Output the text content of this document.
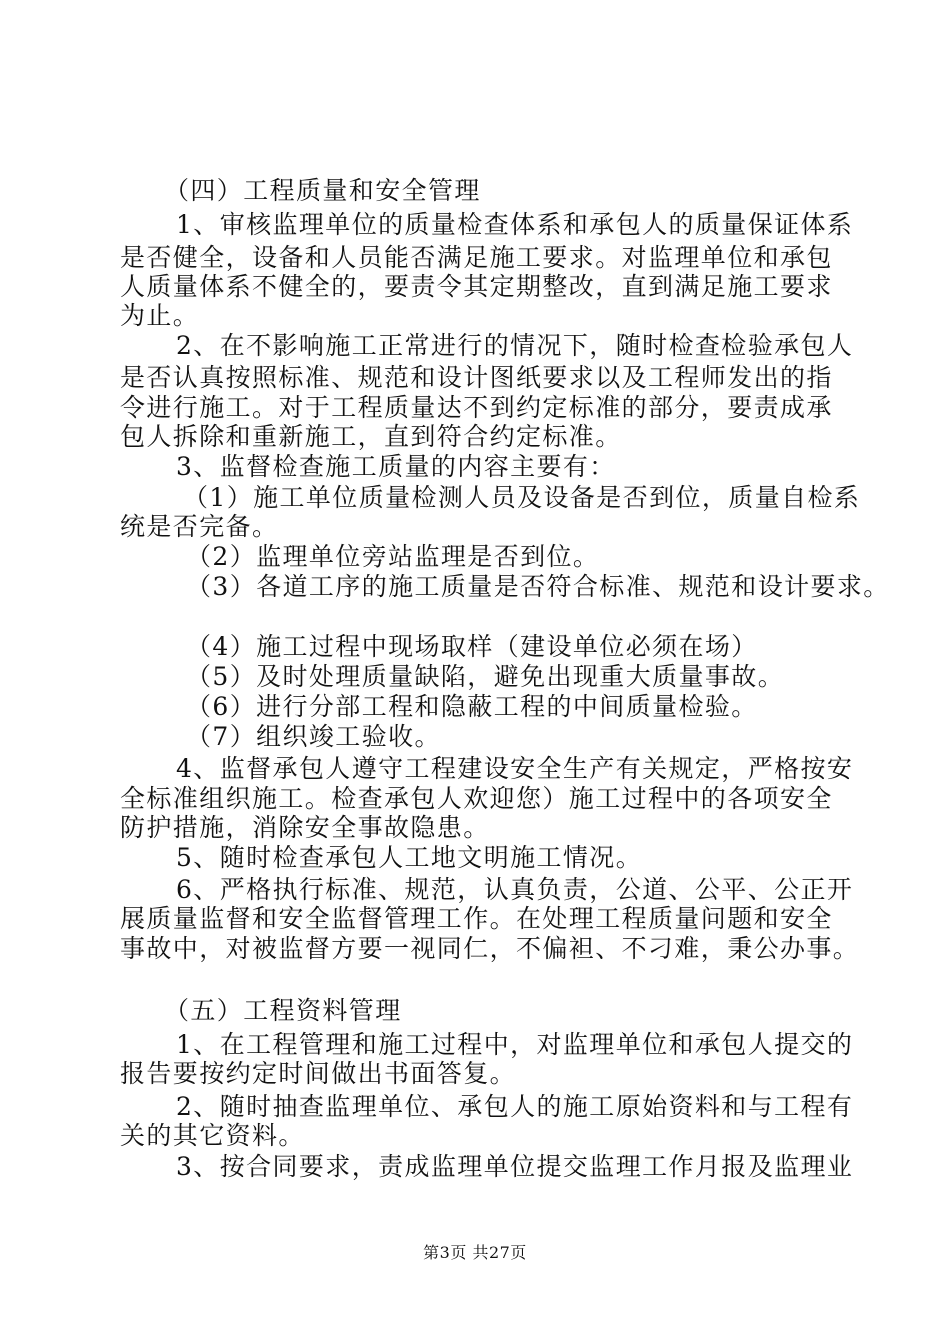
（四）工程质量和安全管理
1、审核监理单位的质量检查体系和承包人的质量保证体系
是否健全，设备和人员能否满足施工要求。对监理单位和承包
人质量体系不健全的，要责令其定期整改，直到满足施工要求
为止。
2、在不影响施工正常进行的情况下，随时检查检验承包人
是否认真按照标准、规范和设计图纸要求以及工程师发出的指
令进行施工。对于工程质量达不到约定标准的部分，要责成承
包人拆除和重新施工，直到符合约定标准。
3、监督检查施工质量的内容主要有：
（1）施工单位质量检测人员及设备是否到位，质量自检系
统是否完备。
（2）监理单位旁站监理是否到位。
（3）各道工序的施工质量是否符合标准、规范和设计要求。
（4）施工过程中现场取样（建设单位必须在场）
（5）及时处理质量缺陷，避免出现重大质量事故。
（6）进行分部工程和隐蔽工程的中间质量检验。
（7）组织竣工验收。
4、监督承包人遵守工程建设安全生产有关规定，严格按安
全标准组织施工。检查承包人欢迎您）施工过程中的各项安全
防护措施，消除安全事故隐患。
5、随时检查承包人工地文明施工情况。
6、严格执行标准、规范，认真负责，公道、公平、公正开
展质量监督和安全监督管理工作。在处理工程质量问题和安全
事故中，对被监督方要一视同仁，不偏袒、不刁难，秉公办事。
（五）工程资料管理
1、在工程管理和施工过程中，对监理单位和承包人提交的
报告要按约定时间做出书面答复。
2、随时抽查监理单位、承包人的施工原始资料和与工程有
关的其它资料。
3、按合同要求，责成监理单位提交监理工作月报及监理业
第3页 共27页
